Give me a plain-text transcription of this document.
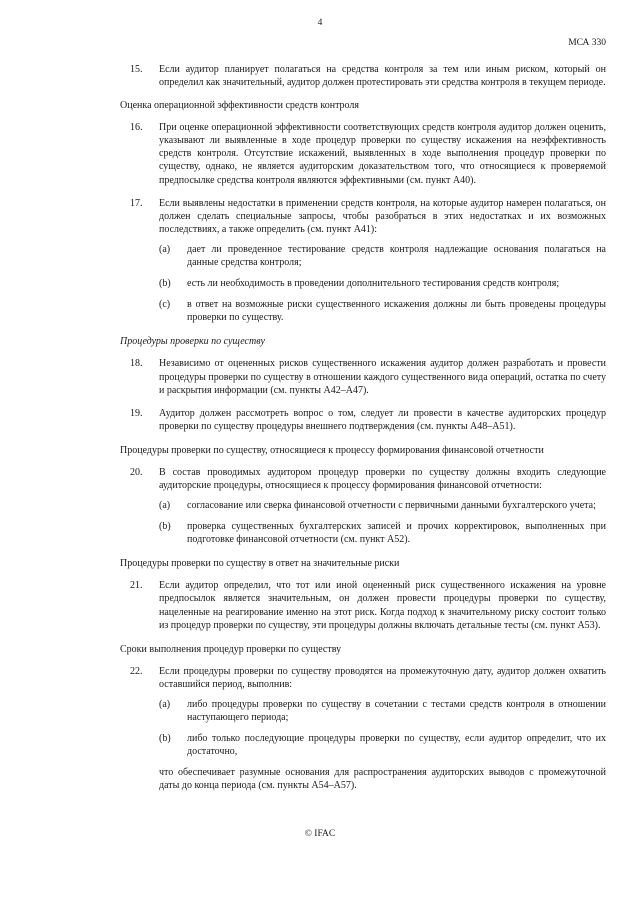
4
МСА 330
15. Если аудитор планирует полагаться на средства контроля за тем или иным риском, который он определил как значительный, аудитор должен протестировать эти средства контроля в текущем периоде.
Оценка операционной эффективности средств контроля
16. При оценке операционной эффективности соответствующих средств контроля аудитор должен оценить, указывают ли выявленные в ходе процедур проверки по существу искажения на неэффективность средств контроля. Отсутствие искажений, выявленных в ходе выполнения процедур проверки по существу, однако, не является аудиторским доказательством того, что относящиеся к проверяемой предпосылке средства контроля являются эффективными (см. пункт А40).
17. Если выявлены недостатки в применении средств контроля, на которые аудитор намерен полагаться, он должен сделать специальные запросы, чтобы разобраться в этих недостатках и их возможных последствиях, а также определить (см. пункт А41):
(a) дает ли проведенное тестирование средств контроля надлежащие основания полагаться на данные средства контроля;
(b) есть ли необходимость в проведении дополнительного тестирования средств контроля;
(c) в ответ на возможные риски существенного искажения должны ли быть проведены процедуры проверки по существу.
Процедуры проверки по существу
18. Независимо от оцененных рисков существенного искажения аудитор должен разработать и провести процедуры проверки по существу в отношении каждого существенного вида операций, остатка по счету и раскрытия информации (см. пункты А42–А47).
19. Аудитор должен рассмотреть вопрос о том, следует ли провести в качестве аудиторских процедур проверки по существу процедуры внешнего подтверждения (см. пункты А48–А51).
Процедуры проверки по существу, относящиеся к процессу формирования финансовой отчетности
20. В состав проводимых аудитором процедур проверки по существу должны входить следующие аудиторские процедуры, относящиеся к процессу формирования финансовой отчетности:
(a) согласование или сверка финансовой отчетности с первичными данными бухгалтерского учета;
(b) проверка существенных бухгалтерских записей и прочих корректировок, выполненных при подготовке финансовой отчетности (см. пункт А52).
Процедуры проверки по существу в ответ на значительные риски
21. Если аудитор определил, что тот или иной оцененный риск существенного искажения на уровне предпосылок является значительным, он должен провести процедуры проверки по существу, нацеленные на реагирование именно на этот риск. Когда подход к значительному риску состоит только из процедур проверки по существу, эти процедуры должны включать детальные тесты (см. пункт А53).
Сроки выполнения процедур проверки по существу
22. Если процедуры проверки по существу проводятся на промежуточную дату, аудитор должен охватить оставшийся период, выполнив:
(a) либо процедуры проверки по существу в сочетании с тестами средств контроля в отношении наступающего периода;
(b) либо только последующие процедуры проверки по существу, если аудитор определит, что их достаточно,
что обеспечивает разумные основания для распространения аудиторских выводов с промежуточной даты до конца периода (см. пункты А54–А57).
© IFAC
